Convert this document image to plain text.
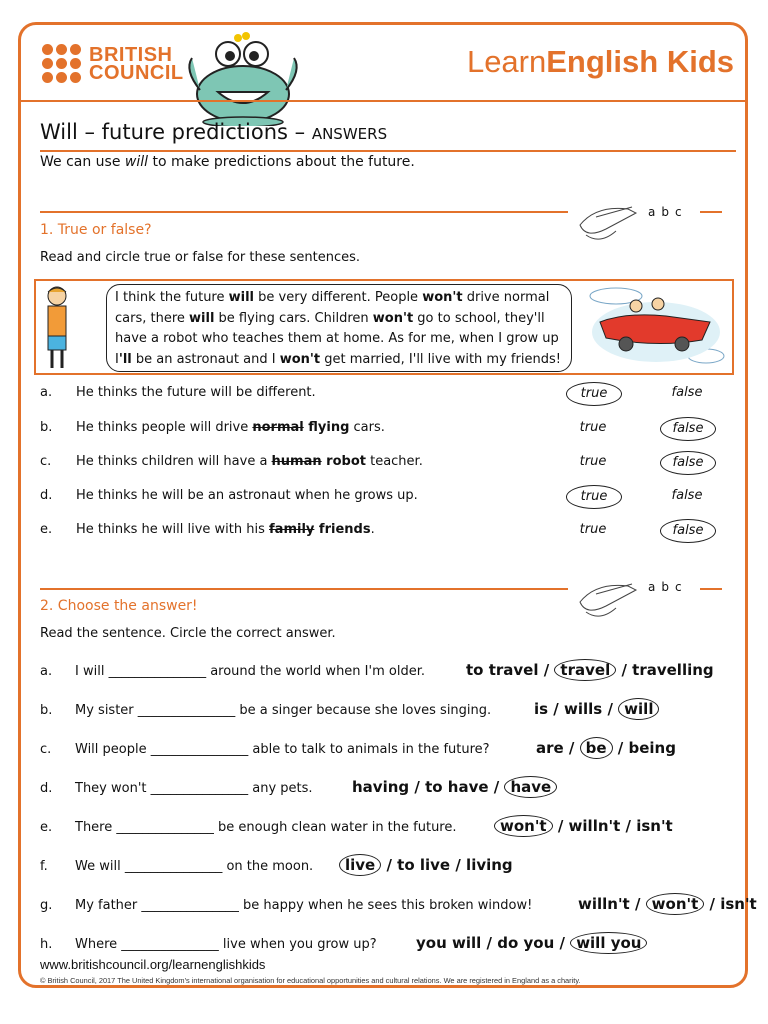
BRITISH
COUNCIL	LearnEnglish Kids
Will – future predictions – ANSWERS
We can use will to make predictions about the future.
abc
1. True or false?
Read and circle true or false for these sentences.
I think the future will be very different. People won't drive normal
cars, there will be flying cars. Children won't go to school, they'll
have a robot who teaches them at home. As for me, when I grow up
I'll be an astronaut and I won't get married, I'll live with my friends!
a. He thinks the future will be different.	true	false
b. He thinks people will drive normal flying cars.	true	false
c. He thinks children will have a human robot teacher.	true	false
d. He thinks he will be an astronaut when he grows up.	true	false
e. He thinks he will live with his family friends.	true	false
abc
2. Choose the answer!
Read the sentence. Circle the correct answer.
a. I will _______________ around the world when I'm older.	to travel / travel / travelling
b. My sister _______________ be a singer because she loves singing.	is / wills / will
c. Will people _______________ able to talk to animals in the future?	are / be / being
d. They won't _______________ any pets.	having / to have / have
e. There _______________ be enough clean water in the future.	won't / willn't / isn't
f. We will _______________ on the moon.	live / to live / living
g. My father _______________ be happy when he sees this broken window!	willn't / won't / isn't
h. Where _______________ live when you grow up?	you will / do you / will you
www.britishcouncil.org/learnenglishkids
© British Council, 2017 The United Kingdom's international organisation for educational opportunities and cultural relations. We are registered in England as a charity.
